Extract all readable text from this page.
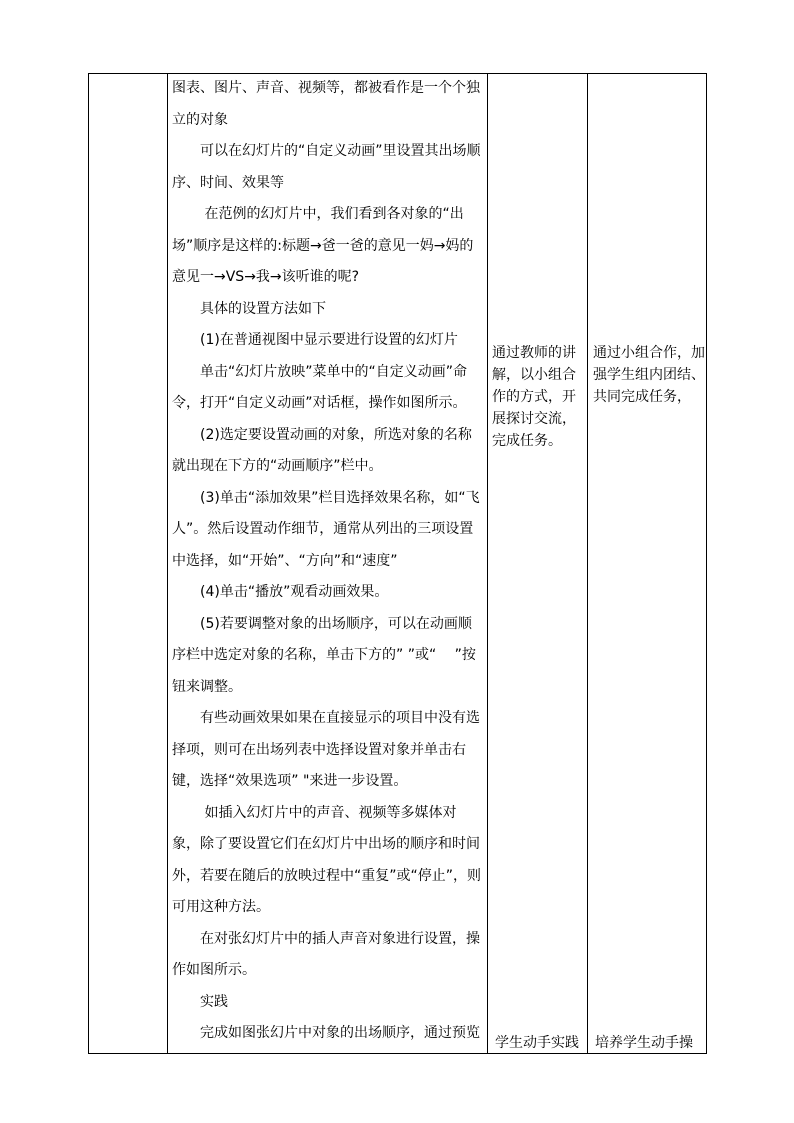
图表、图片、声音、视频等，都被看作是一个个独立的对象

　　可以在幻灯片的“自定义动画”里设置其出场顺序、时间、效果等

　　 在范例的幻灯片中，我们看到各对象的“出场”顺序是这样的:标题→爸一爸的意见一妈→妈的意见一→VS→我→该听谁的呢?

　　具体的设置方法如下

　　(1)在普通视图中显示要进行设置的幻灯片

　　单击“幻灯片放映”菜单中的“自定义动画”命令，打开“自定义动画”对话框，操作如图所示。

　　(2)选定要设置动画的对象，所选对象的名称就出现在下方的“动画顺序”栏中。

　　(3)单击“添加效果”栏目选择效果名称，如“飞人”。然后设置动作细节，通常从列出的三项设置中选择，如“开始”、“方向”和“速度”

　　(4)单击“播放”观看动画效果。

　　(5)若要调整对象的出场顺序，可以在动画顺序栏中选定对象的名称，单击下方的” ”或“　 ”按钮来调整。

　　有些动画效果如果在直接显示的项目中没有选择项，则可在出场列表中选择设置对象并单击右键，选择“效果选项” "来进一步设置。

　　 如插入幻灯片中的声音、视频等多媒体对象，除了要设置它们在幻灯片中出场的顺序和时间外，若要在随后的放映过程中“重复”或“停止”，则可用这种方法。

　　在对张幻灯片中的插人声音对象进行设置，操作如图所示。

　　实践

　　完成如图张幻片中对象的出场顺序，通过预览

通过教师的讲解，以小组合作的方式，开展探讨交流，完成任务。
学生动手实践
通过小组合作，加强学生组内团结、共同完成任务，
培养学生动手操
